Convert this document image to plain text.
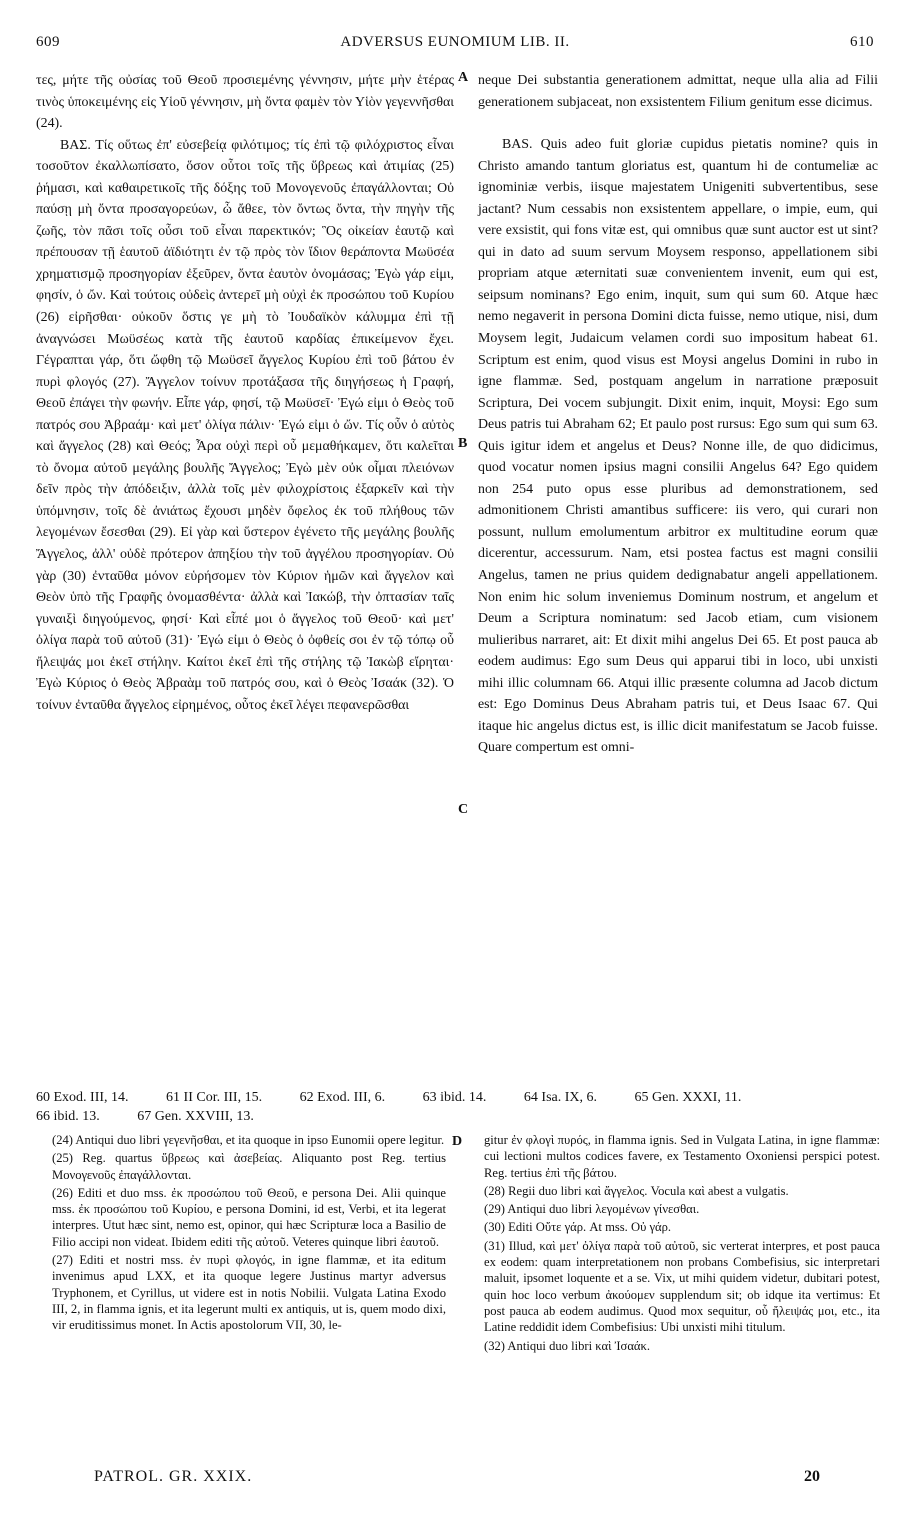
609	ADVERSUS EUNOMIUM LIB. II.	610

τες, μήτε τῆς οὐσίας τοῦ Θεοῦ προσιεμένης γέννησιν, μήτε μὴν ἑτέρας τινὸς ὑποκειμένης εἰς Υἱοῦ γέννησιν, μὴ ὄντα φαμὲν τὸν Υἱὸν γεγεννῆσθαι (24).

ΒΑΣ. Τίς οὕτως ἐπ' εὐσεβείᾳ φιλότιμος; τίς ἐπὶ τῷ φιλόχριστος εἶναι τοσοῦτον ἐκαλλωπίσατο, ὅσον οὗτοι τοῖς τῆς ὕβρεως καὶ ἀτιμίας (25) ῥήμασι, καὶ καθαιρετικοῖς τῆς δόξης τοῦ Μονογενοῦς ἐπαγάλλονται; Οὐ παύσῃ μὴ ὄντα προσαγορεύων, ὦ ἄθεε, τὸν ὄντως ὄντα, τὴν πηγὴν τῆς ζωῆς, τὸν πᾶσι τοῖς οὖσι τοῦ εἶναι παρεκτικόν; Ὃς οἰκείαν ἑαυτῷ καὶ πρέπουσαν τῇ ἑαυτοῦ ἀϊδιότητι ἐν τῷ πρὸς τὸν ἴδιον θεράποντα Μωϋσέα χρηματισμῷ προσηγορίαν ἐξεῦρεν, ὄντα ἑαυτὸν ὀνομάσας; Ἐγὼ γάρ εἰμι, φησίν, ὁ ὤν. Καὶ τούτοις οὐδεὶς ἀντερεῖ μὴ οὐχὶ ἐκ προσώπου τοῦ Κυρίου (26) εἰρῆσθαι· οὐκοῦν ὅστις γε μὴ τὸ Ἰουδαϊκὸν κάλυμμα ἐπὶ τῇ ἀναγνώσει Μωϋσέως κατὰ τῆς ἑαυτοῦ καρδίας ἐπικείμενον ἔχει. Γέγραπται γάρ, ὅτι ὤφθη τῷ Μωϋσεῖ ἄγγελος Κυρίου ἐπὶ τοῦ βάτου ἐν πυρὶ φλογός (27). Ἄγγελον τοίνυν προτάξασα τῆς διηγήσεως ἡ Γραφή, Θεοῦ ἐπάγει τὴν φωνήν. Εἶπε γάρ, φησί, τῷ Μωϋσεῖ· Ἐγώ εἰμι ὁ Θεὸς τοῦ πατρός σου Ἀβραάμ· καὶ μετ' ὀλίγα πάλιν· Ἐγώ εἰμι ὁ ὤν. Τίς οὖν ὁ αὐτὸς καὶ ἄγγελος (28) καὶ Θεός; Ἆρα οὐχὶ περὶ οὗ μεμαθήκαμεν, ὅτι καλεῖται τὸ ὄνομα αὐτοῦ μεγάλης βουλῆς Ἄγγελος; Ἐγὼ μὲν οὐκ οἶμαι πλειόνων δεῖν πρὸς τὴν ἀπόδειξιν, ἀλλὰ τοῖς μὲν φιλοχρίστοις ἐξαρκεῖν καὶ τὴν ὑπόμνησιν, τοῖς δὲ ἀνιάτως ἔχουσι μηδὲν ὄφελος ἐκ τοῦ πλήθους τῶν λεγομένων ἔσεσθαι (29). Εἰ γὰρ καὶ ὕστερον ἐγένετο τῆς μεγάλης βουλῆς Ἄγγελος, ἀλλ' οὐδὲ πρότερον ἀπηξίου τὴν τοῦ ἀγγέλου προσηγορίαν. Οὐ γὰρ (30) ἐνταῦθα μόνον εὑρήσομεν τὸν Κύριον ἡμῶν καὶ ἄγγελον καὶ Θεὸν ὑπὸ τῆς Γραφῆς ὀνομασθέντα· ἀλλὰ καὶ Ἰακώβ, τὴν ὀπτασίαν ταῖς γυναιξὶ διηγούμενος, φησί· Καὶ εἶπέ μοι ὁ ἄγγελος τοῦ Θεοῦ· καὶ μετ' ὀλίγα παρὰ τοῦ αὐτοῦ (31)· Ἐγώ εἰμι ὁ Θεὸς ὁ ὀφθείς σοι ἐν τῷ τόπῳ οὗ ἤλειψάς μοι ἐκεῖ στήλην. Καίτοι ἐκεῖ ἐπὶ τῆς στήλης τῷ Ἰακὼβ εἴρηται· Ἐγὼ Κύριος ὁ Θεὸς Ἀβραὰμ τοῦ πατρός σου, καὶ ὁ Θεὸς Ἰσαάκ (32). Ὁ τοίνυν ἐνταῦθα ἄγγελος εἰρημένος, οὗτος ἐκεῖ λέγει πεφανερῶσθαι

A
B
C
D

neque Dei substantia generationem admittat, neque ulla alia ad Filii generationem subjaceat, non exsistentem Filium genitum esse dicimus.

BAS. Quis adeo fuit gloriæ cupidus pietatis nomine? quis in Christo amando tantum gloriatus est, quantum hi de contumeliæ ac ignominiæ verbis, iisque majestatem Unigeniti subvertentibus, sese jactant? Num cessabis non exsistentem appellare, o impie, eum, qui vere exsistit, qui fons vitæ est, qui omnibus quæ sunt auctor est ut sint? qui in dato ad suum servum Moysem responso, appellationem sibi propriam atque æternitati suæ convenientem invenit, eum qui est, seipsum nominans? Ego enim, inquit, sum qui sum 60. Atque hæc nemo negaverit in persona Domini dicta fuisse, nemo utique, nisi, dum Moysem legit, Judaicum velamen cordi suo impositum habeat 61. Scriptum est enim, quod visus est Moysi angelus Domini in rubo in igne flammæ. Sed, postquam angelum in narratione præposuit Scriptura, Dei vocem subjungit. Dixit enim, inquit, Moysi: Ego sum Deus patris tui Abraham 62; Et paulo post rursus: Ego sum qui sum 63. Quis igitur idem et angelus et Deus? Nonne ille, de quo didicimus, quod vocatur nomen ipsius magni consilii Angelus 64? Ego quidem non 254 puto opus esse pluribus ad demonstrationem, sed admonitionem Christi amantibus sufficere: iis vero, qui curari non possunt, nullum emolumentum arbitror ex multitudine eorum quæ dicerentur, accessurum. Nam, etsi postea factus est magni consilii Angelus, tamen ne prius quidem dedignabatur angeli appellationem. Non enim hic solum inveniemus Dominum nostrum, et angelum et Deum a Scriptura nominatum: sed Jacob etiam, cum visionem mulieribus narraret, ait: Et dixit mihi angelus Dei 65. Et post pauca ab eodem audimus: Ego sum Deus qui apparui tibi in loco, ubi unxisti mihi illic columnam 66. Atqui illic præsente columna ad Jacob dictum est: Ego Dominus Deus Abraham patris tui, et Deus Isaac 67. Qui itaque hic angelus dictus est, is illic dicit manifestatum se Jacob fuisse. Quare compertum est omni-

60 Exod. III, 14.	61 II Cor. III, 15.	62 Exod. III, 6.	63 ibid. 14.	64 Isa. IX, 6.	65 Gen. XXXI, 11.
66 ibid. 13.	67 Gen. XXVIII, 13.

(24) Antiqui duo libri γεγενῆσθαι, et ita quoque in ipso Eunomii opere legitur.

(25) Reg. quartus ὕβρεως καὶ ἀσεβείας. Aliquanto post Reg. tertius Μονογενοῦς ἐπαγάλλονται.

(26) Editi et duo mss. ἐκ προσώπου τοῦ Θεοῦ, e persona Dei. Alii quinque mss. ἐκ προσώπου τοῦ Κυρίου, e persona Domini, id est, Verbi, et ita legerat interpres. Utut hæc sint, nemo est, opinor, qui hæc Scripturæ loca a Basilio de Filio accipi non videat. Ibidem editi τῆς αὐτοῦ. Veteres quinque libri ἑαυτοῦ.

(27) Editi et nostri mss. ἐν πυρὶ φλογός, in igne flammæ, et ita editum invenimus apud LXX, et ita quoque legere Justinus martyr adversus Tryphonem, et Cyrillus, ut videre est in notis Nobilii. Vulgata Latina Exodo III, 2, in flamma ignis, et ita legerunt multi ex antiquis, ut is, quem modo dixi, vir eruditissimus monet. In Actis apostolorum VII, 30, le-

gitur ἐν φλογὶ πυρός, in flamma ignis. Sed in Vulgata Latina, in igne flammæ: cui lectioni multos codices favere, ex Testamento Oxoniensi perspici potest. Reg. tertius ἐπὶ τῆς βάτου.

(28) Regii duo libri καὶ ἄγγελος. Vocula καὶ abest a vulgatis.

(29) Antiqui duo libri λεγομένων γίνεσθαι.

(30) Editi Οὔτε γάρ. At mss. Οὐ γάρ.

(31) Illud, καὶ μετ' ὀλίγα παρὰ τοῦ αὐτοῦ, sic verterat interpres, et post pauca ex eodem: quam interpretationem non probans Combefisius, sic interpretari maluit, ipsomet loquente et a se. Vix, ut mihi quidem videtur, dubitari potest, quin hoc loco verbum ἀκούομεν supplendum sit; ob idque ita vertimus: Et post pauca ab eodem audimus. Quod mox sequitur, οὗ ἤλειψάς μοι, etc., ita Latine reddidit idem Combefisius: Ubi unxisti mihi titulum.

(32) Antiqui duo libri καὶ Ἰσαάκ.

PATROL. GR. XXIX.	20
